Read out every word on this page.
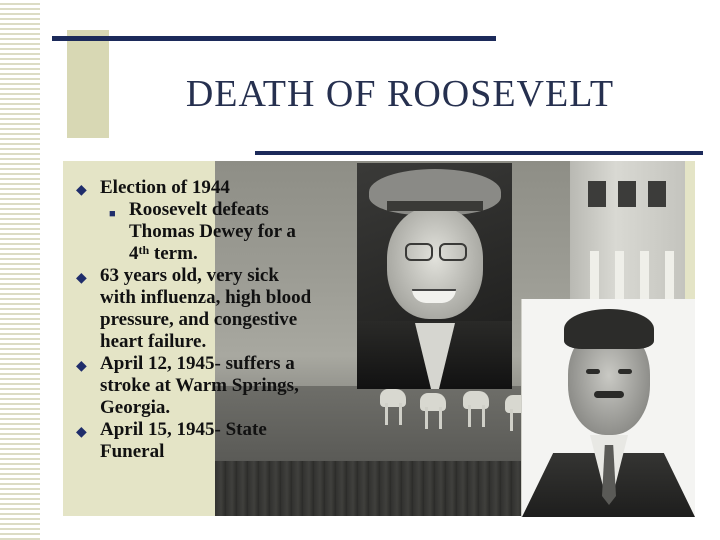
DEATH OF ROOSEVELT
◆ Election of 1944
■ Roosevelt defeats
Thomas Dewey for a
4th term.
◆ 63 years old, very sick
with influenza, high blood
pressure, and congestive
heart failure.
◆ April 12, 1945- suffers a
stroke at Warm Springs,
Georgia.
◆ April 15, 1945- State
Funeral
